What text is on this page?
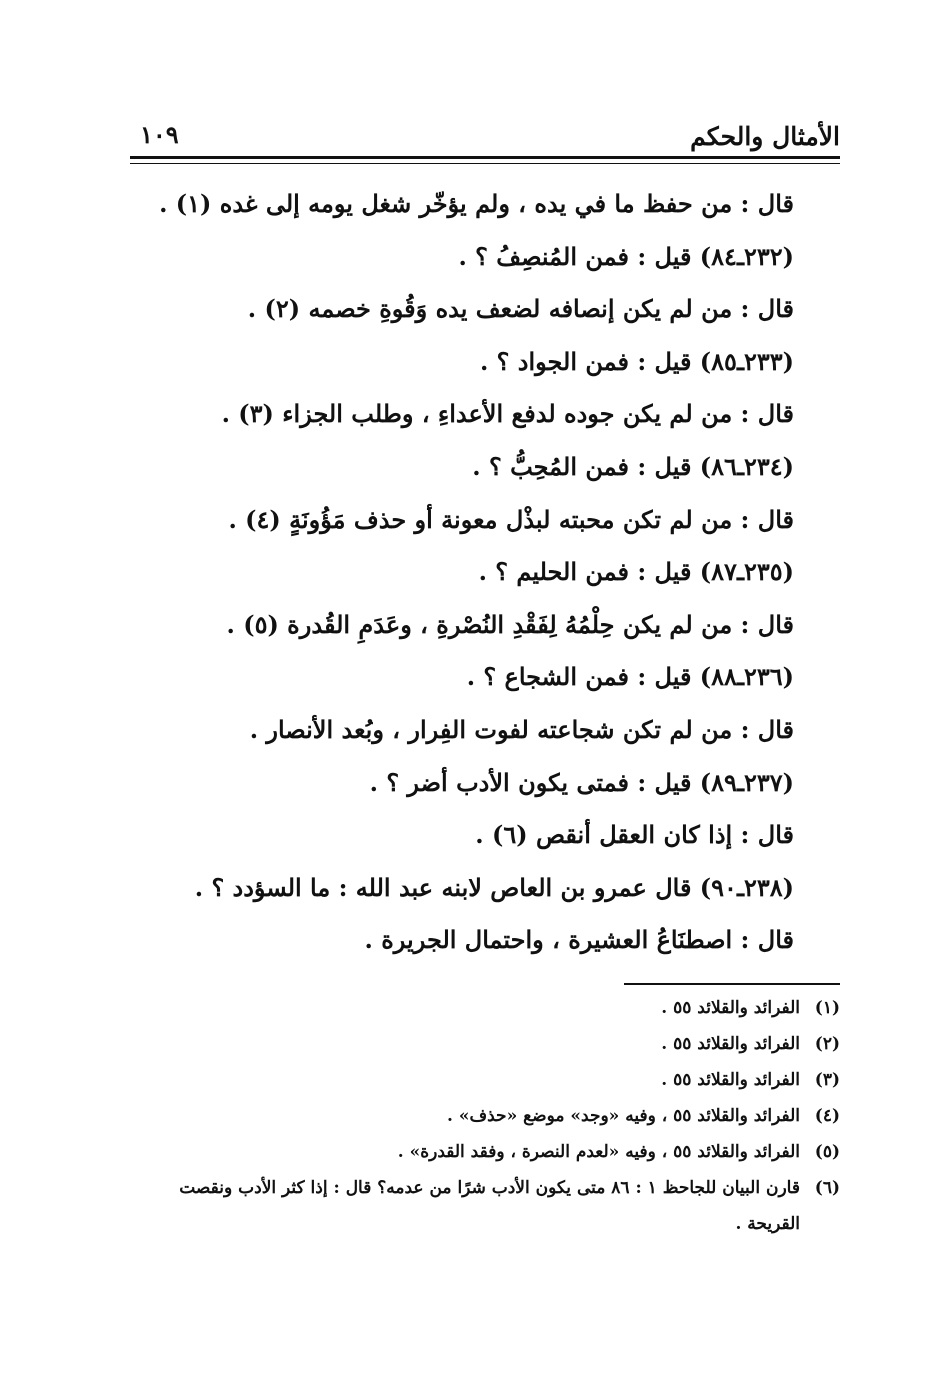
الأمثال والحكم
١٠٩
قال : من حفظ ما في يده ، ولم يؤخّر شغل يومه إلى غده (١) .
(٢٣٢ـ٨٤) قيل : فمن المُنصِفُ ؟ .
قال : من لم يكن إنصافه لضعف يده وَقُوةِ خصمه (٢) .
(٢٣٣ـ٨٥) قيل : فمن الجواد ؟ .
قال : من لم يكن جوده لدفع الأعداءِ ، وطلب الجزاء (٣) .
(٢٣٤ـ٨٦) قيل : فمن المُحِبُّ ؟ .
قال : من لم تكن محبته لبذْل معونة أو حذف مَؤُونَةٍ (٤) .
(٢٣٥ـ٨٧) قيل : فمن الحليم ؟ .
قال : من لم يكن حِلْمُهُ لِفَقْدِ النُصْرةِ ، وعَدَمِ القُدرة (٥) .
(٢٣٦ـ٨٨) قيل : فمن الشجاع ؟ .
قال : من لم تكن شجاعته لفوت الفِرار ، وبُعد الأنصار .
(٢٣٧ـ٨٩) قيل : فمتى يكون الأدب أضر ؟ .
قال : إذا كان العقل أنقص (٦) .
(٢٣٨ـ٩٠) قال عمرو بن العاص لابنه عبد الله : ما السؤدد ؟ .
قال : اصطنَاعُ العشيرة ، واحتمال الجريرة .
(١)
الفرائد والقلائد ٥٥ .
(٢)
الفرائد والقلائد ٥٥ .
(٣)
الفرائد والقلائد ٥٥ .
(٤)
الفرائد والقلائد ٥٥ ، وفيه «وجد» موضع «حذف» .
(٥)
الفرائد والقلائد ٥٥ ، وفيه «لعدم النصرة ، وفقد القدرة» .
(٦)
قارن البيان للجاحظ ١ : ٨٦ متى يكون الأدب شرًا من عدمه؟ قال : إذا كثر الأدب ونقصت القريحة .
